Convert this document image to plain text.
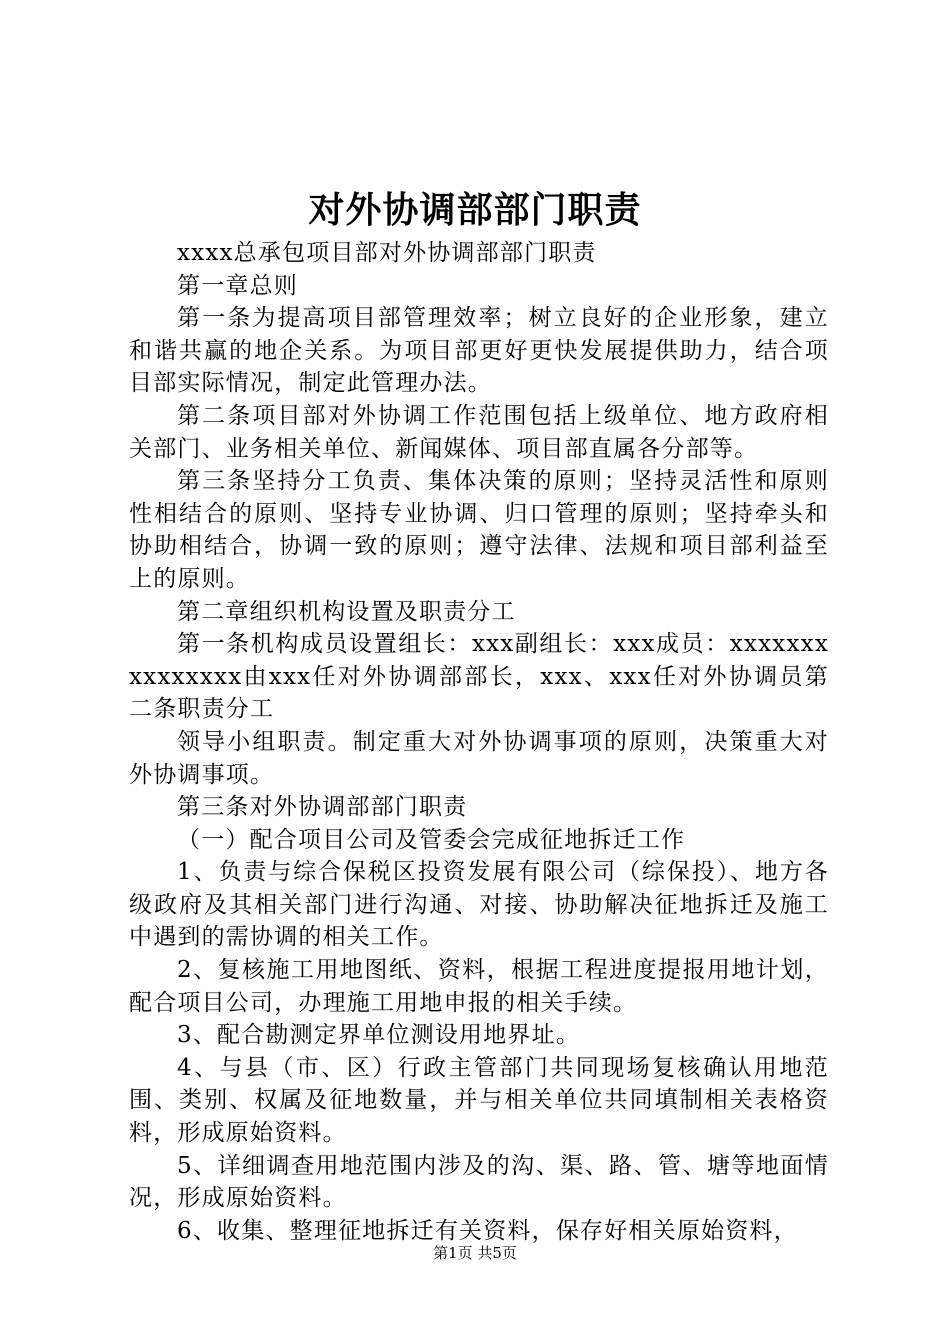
对外协调部部门职责

xxxx总承包项目部对外协调部部门职责

第一章总则

第一条为提高项目部管理效率；树立良好的企业形象，建立和谐共赢的地企关系。为项目部更好更快发展提供助力，结合项目部实际情况，制定此管理办法。

第二条项目部对外协调工作范围包括上级单位、地方政府相关部门、业务相关单位、新闻媒体、项目部直属各分部等。

第三条坚持分工负责、集体决策的原则；坚持灵活性和原则性相结合的原则、坚持专业协调、归口管理的原则；坚持牵头和协助相结合，协调一致的原则；遵守法律、法规和项目部利益至上的原则。

第二章组织机构设置及职责分工

第一条机构成员设置组长：xxx副组长：xxx成员：xxxxxxxxxxxxxxx由xxx任对外协调部部长，xxx、xxx任对外协调员第二条职责分工

领导小组职责。制定重大对外协调事项的原则，决策重大对外协调事项。

第三条对外协调部部门职责

（一）配合项目公司及管委会完成征地拆迁工作

1、负责与综合保税区投资发展有限公司（综保投）、地方各级政府及其相关部门进行沟通、对接、协助解决征地拆迁及施工中遇到的需协调的相关工作。

2、复核施工用地图纸、资料，根据工程进度提报用地计划，配合项目公司，办理施工用地申报的相关手续。

3、配合勘测定界单位测设用地界址。

4、与县（市、区）行政主管部门共同现场复核确认用地范围、类别、权属及征地数量，并与相关单位共同填制相关表格资料，形成原始资料。

5、详细调查用地范围内涉及的沟、渠、路、管、塘等地面情况，形成原始资料。

6、收集、整理征地拆迁有关资料，保存好相关原始资料，

第1页 共5页
